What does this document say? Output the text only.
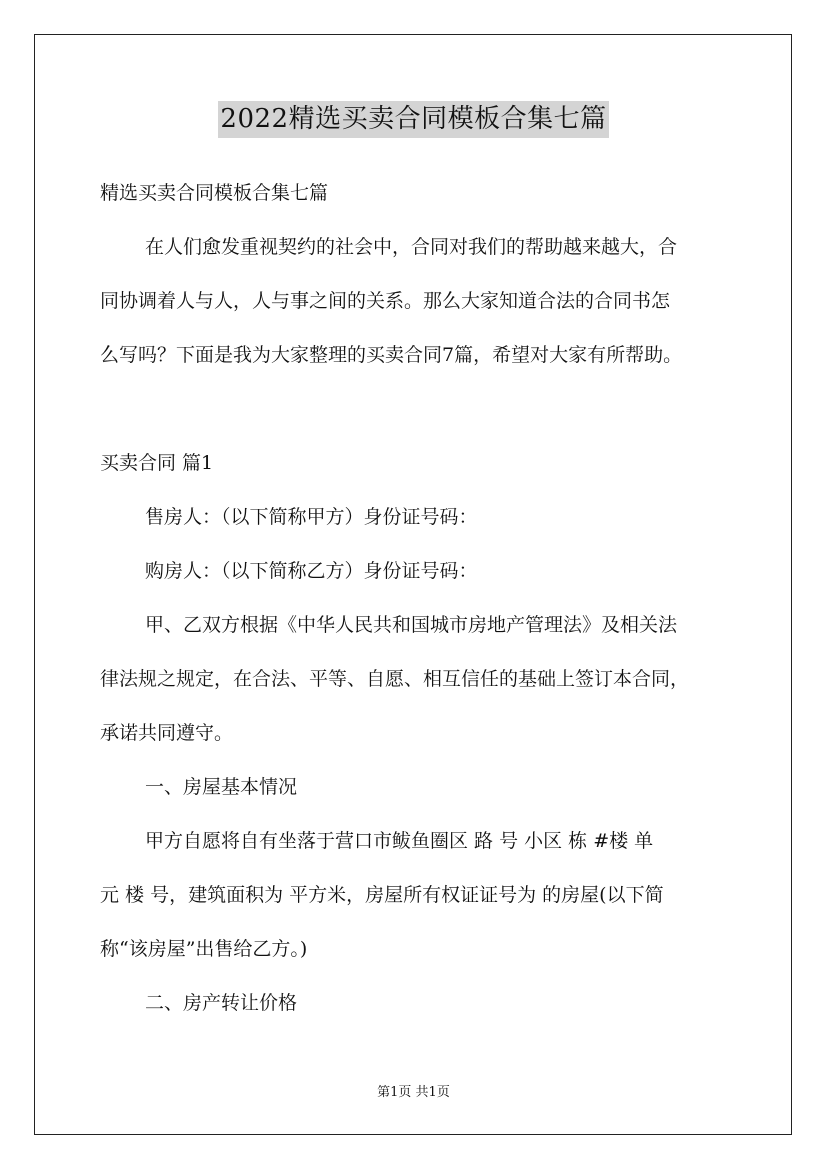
2022精选买卖合同模板合集七篇
精选买卖合同模板合集七篇
在人们愈发重视契约的社会中，合同对我们的帮助越来越大，合
同协调着人与人，人与事之间的关系。那么大家知道合法的合同书怎
么写吗？下面是我为大家整理的买卖合同7篇，希望对大家有所帮助。
买卖合同 篇1
售房人：（以下简称甲方）身份证号码：
购房人：（以下简称乙方）身份证号码：
甲、乙双方根据《中华人民共和国城市房地产管理法》及相关法
律法规之规定，在合法、平等、自愿、相互信任的基础上签订本合同，
承诺共同遵守。
一、房屋基本情况
甲方自愿将自有坐落于营口市鲅鱼圈区 路 号 小区 栋 #楼 单
元 楼 号，建筑面积为 平方米，房屋所有权证证号为 的房屋(以下简
称“该房屋”出售给乙方。)
二、房产转让价格
第1页 共1页
